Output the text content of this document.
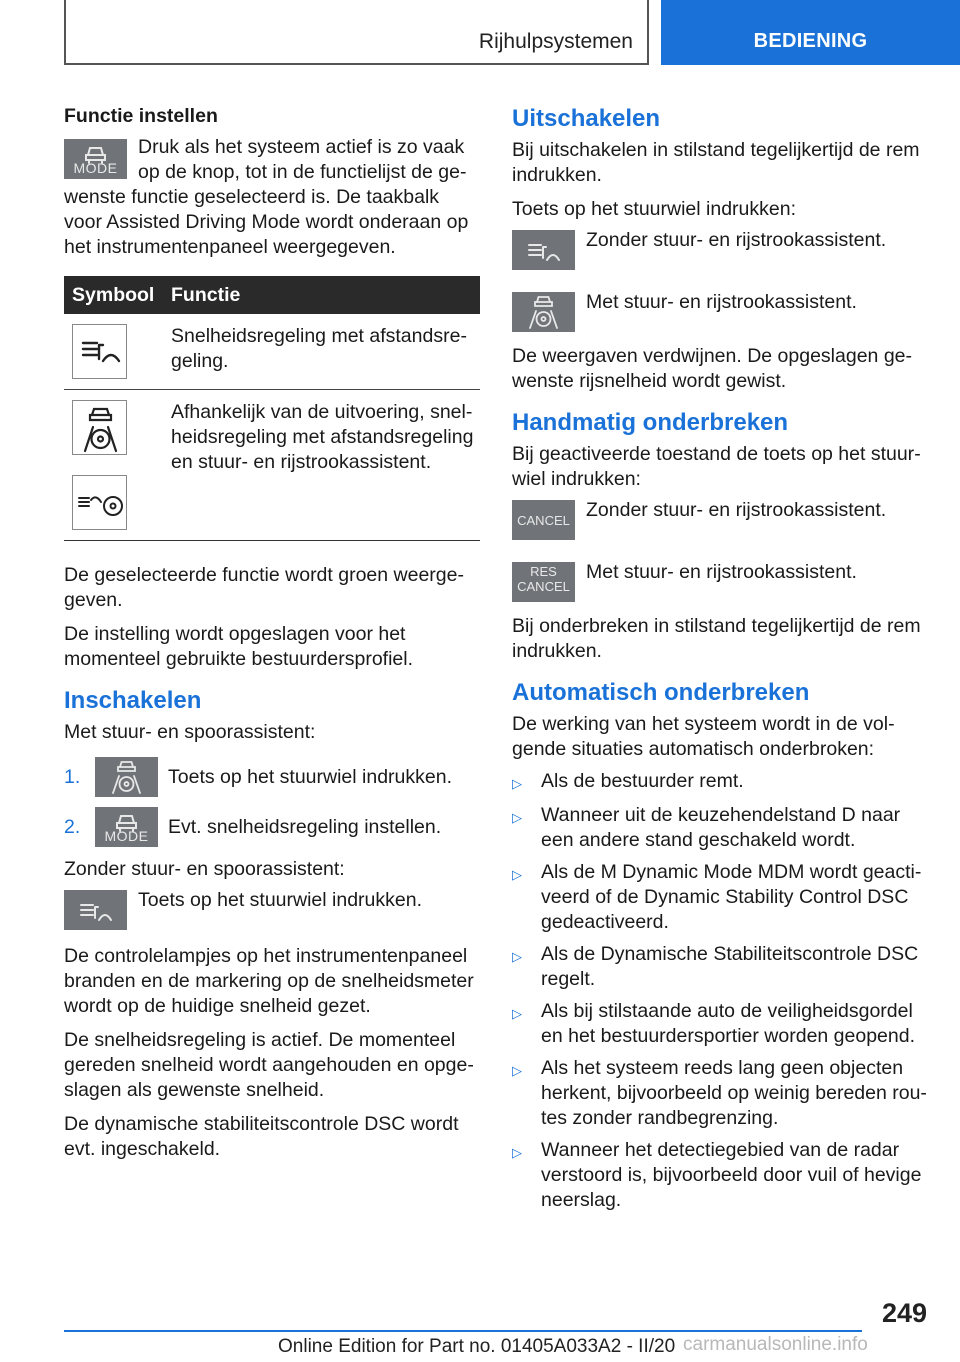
Rijhulpsystemen	BEDIENING
Functie instellen
MODE
Druk als het systeem actief is zo vaak op de knop, tot in de functielijst de gewenste functie geselecteerd is. De taakbalk voor Assisted Driving Mode wordt onderaan op het instrumentenpaneel weergegeven.
Symbool Functie
Snelheidsregeling met afstandsregeling.
Afhankelijk van de uitvoering, snelheidsregeling met afstandsregeling en stuur- en rijstrookassistent.

De geselecteerde functie wordt groen weergegeven.

De instelling wordt opgeslagen voor het momenteel gebruikte bestuurdersprofiel.

Inschakelen

Met stuur- en spoorassistent:

1.	Toets op het stuurwiel indrukken.
2.	MODE	Evt. snelheidsregeling instellen.

Zonder stuur- en spoorassistent:

Toets op het stuurwiel indrukken.

De controlelampjes op het instrumentenpaneel branden en de markering op de snelheidsmeter wordt op de huidige snelheid gezet.

De snelheidsregeling is actief. De momenteel gereden snelheid wordt aangehouden en opgeslagen als gewenste snelheid.

De dynamische stabiliteitscontrole DSC wordt evt. ingeschakeld.

Uitschakelen

Bij uitschakelen in stilstand tegelijkertijd de rem indrukken.

Toets op het stuurwiel indrukken:

Zonder stuur- en rijstrookassistent.
Met stuur- en rijstrookassistent.

De weergaven verdwijnen. De opgeslagen gewenste rijsnelheid wordt gewist.

Handmatig onderbreken

Bij geactiveerde toestand de toets op het stuurwiel indrukken:

CANCEL Zonder stuur- en rijstrookassistent.
RES
CANCEL
Met stuur- en rijstrookassistent.

Bij onderbreken in stilstand tegelijkertijd de rem indrukken.

Automatisch onderbreken

De werking van het systeem wordt in de volgende situaties automatisch onderbroken:

▷ Als de bestuurder remt.
▷ Wanneer uit de keuzehendelstand D naar een andere stand geschakeld wordt.
▷ Als de M Dynamic Mode MDM wordt geactiveerd of de Dynamic Stability Control DSC gedeactiveerd.
▷ Als de Dynamische Stabiliteitscontrole DSC regelt.
▷ Als bij stilstaande auto de veiligheidsgordel en het bestuurdersportier worden geopend.
▷ Als het systeem reeds lang geen objecten herkent, bijvoorbeeld op weinig bereden routes zonder randbegrenzing.
▷ Wanneer het detectiegebied van de radar verstoord is, bijvoorbeeld door vuil of hevige neerslag.
249
Online Edition for Part no. 01405A033A2 - II/20 carmanualsonline.info
